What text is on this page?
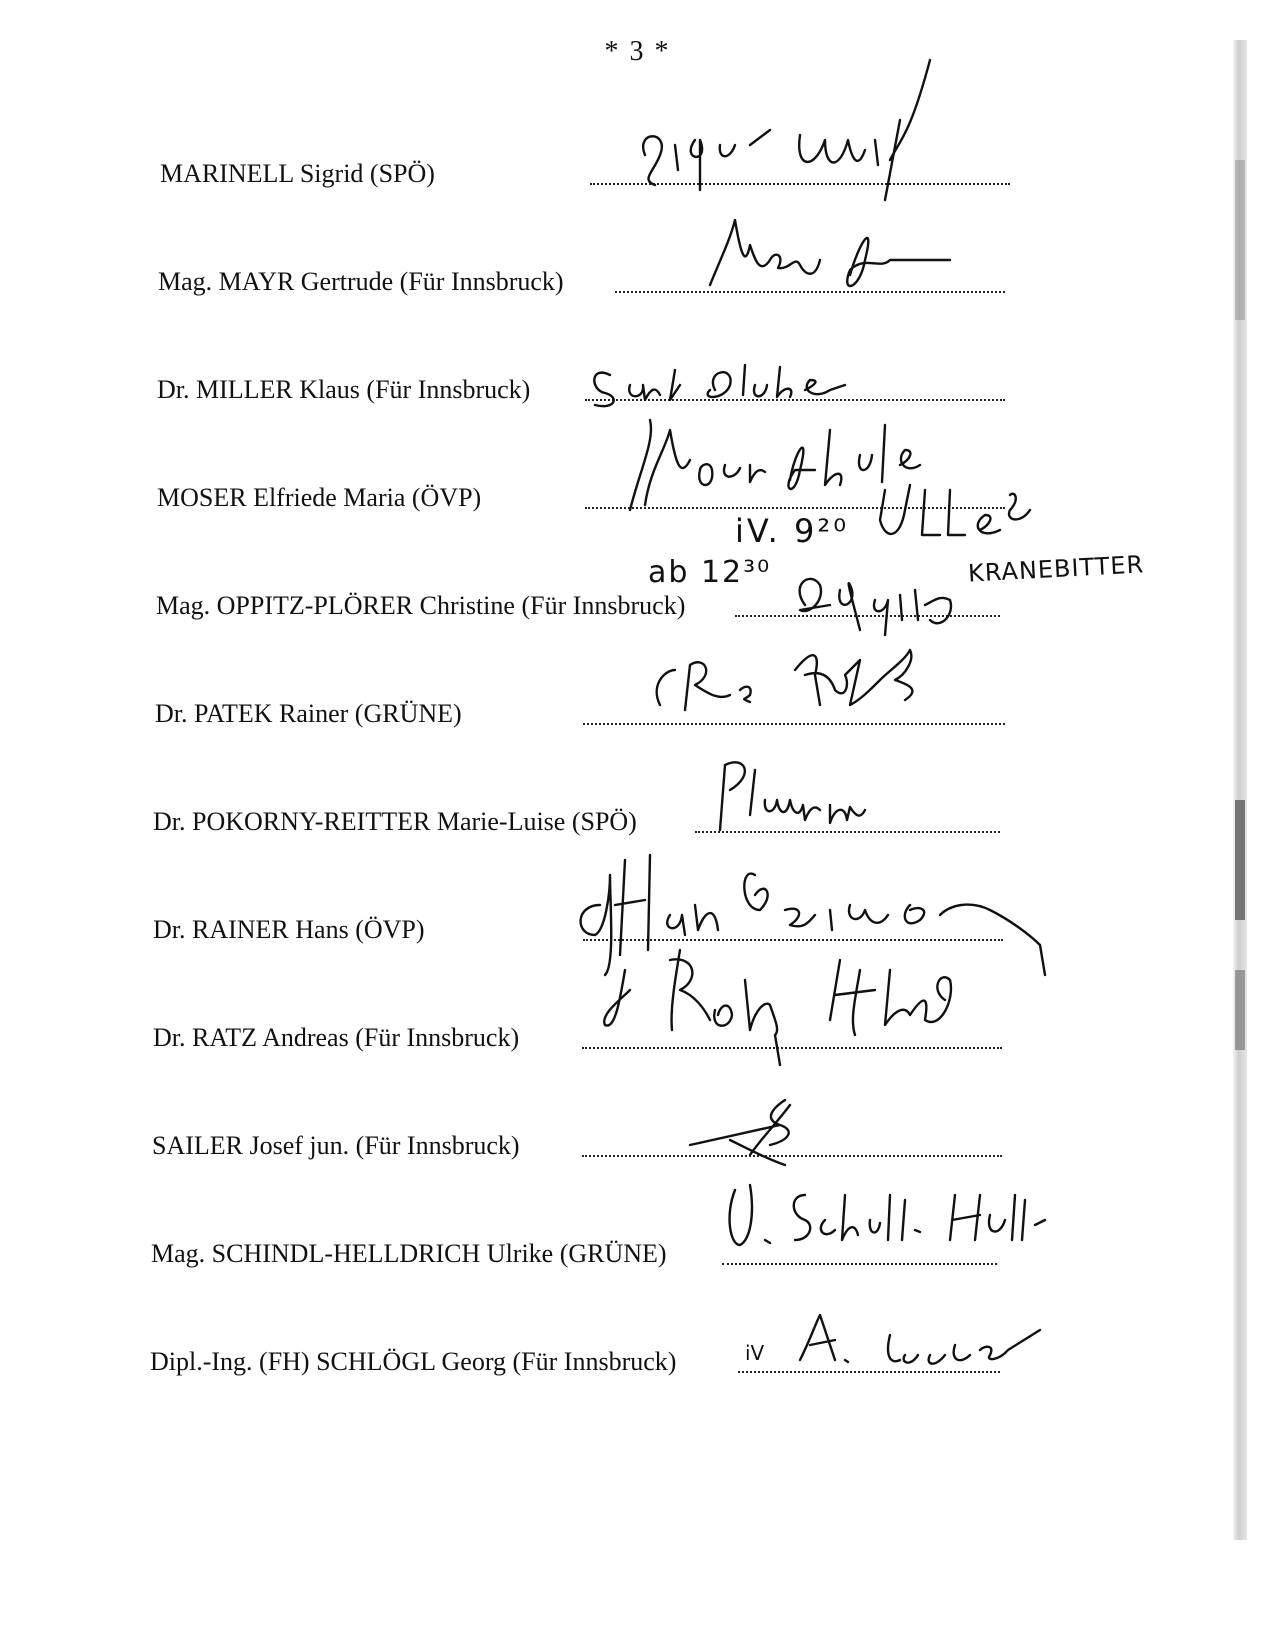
* 3 *
MARINELL Sigrid (SPÖ)
Mag. MAYR Gertrude (Für Innsbruck)
Dr. MILLER Klaus (Für Innsbruck)
MOSER Elfriede Maria (ÖVP)
Mag. OPPITZ-PLÖRER Christine (Für Innsbruck)
Dr. PATEK Rainer (GRÜNE)
Dr. POKORNY-REITTER Marie-Luise (SPÖ)
Dr. RAINER Hans (ÖVP)
Dr. RATZ Andreas (Für Innsbruck)
SAILER Josef jun. (Für Innsbruck)
Mag. SCHINDL-HELLDRICH Ulrike (GRÜNE)
Dipl.-Ing. (FH) SCHLÖGL Georg (Für Innsbruck)	iV
iV. 9²⁰
ab 12³⁰	KRANEBITTER
